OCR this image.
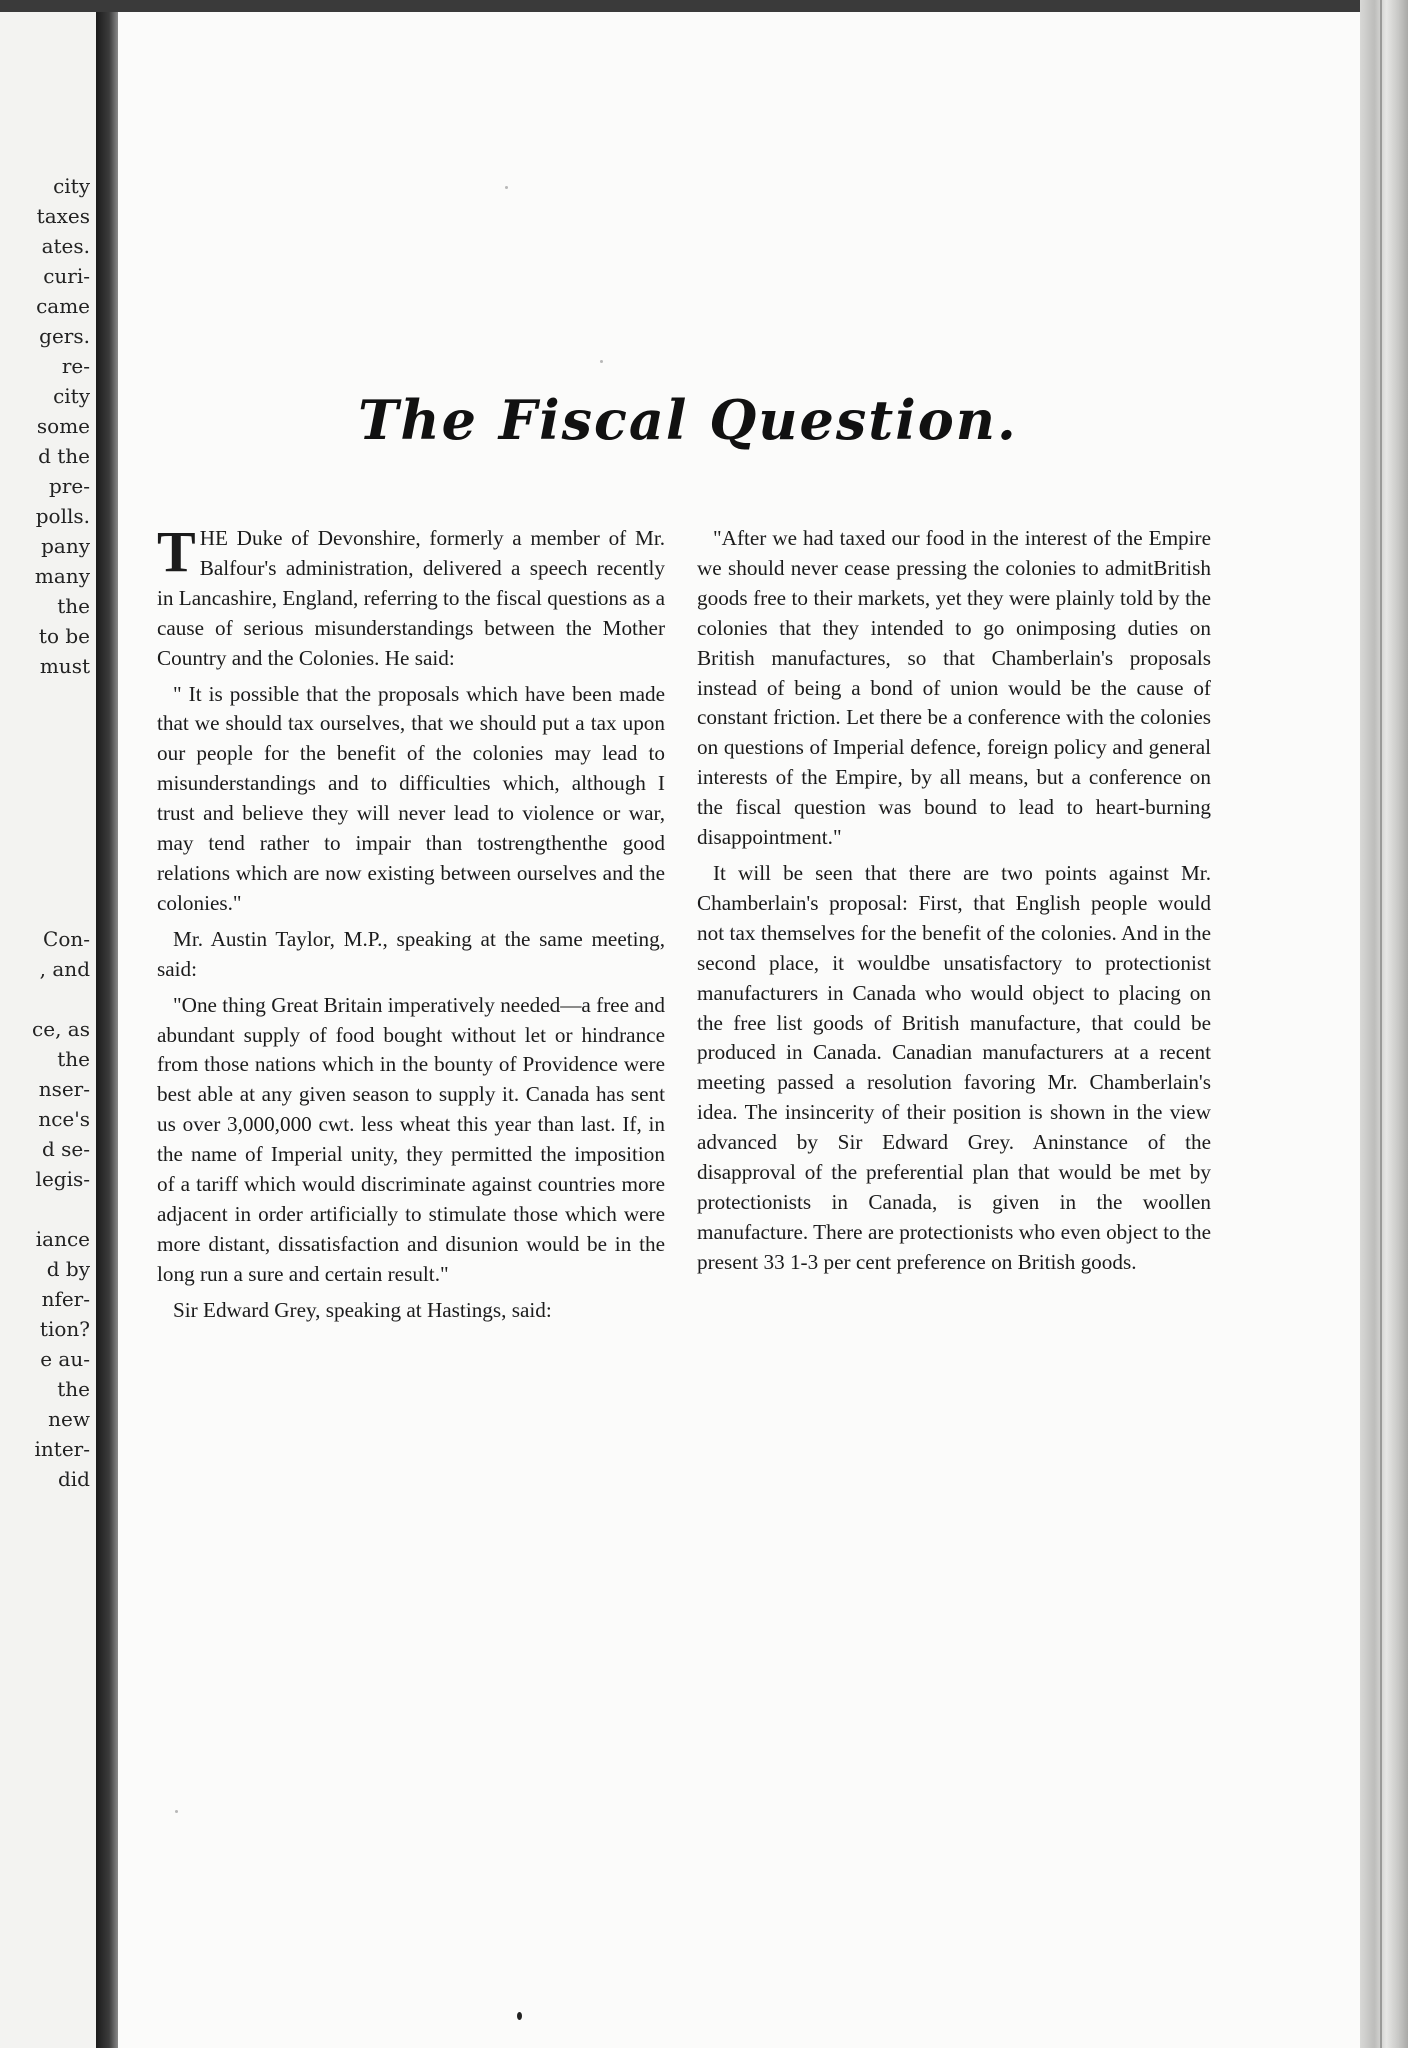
city
taxes
ates.
curi-
came
gers.
re-
city
some
d the
pre-
polls.
pany
many
the
to be
must
Con-
, and
ce, as
the
nser-
nce's
d se-
legis-
iance
d by
nfer-
tion?
e au-
the
new
inter-
did
The Fiscal Question.

THE Duke of Devonshire, formerly a member of Mr. Balfour's administration, delivered a speech recently in Lancashire, England, referring to the fiscal questions as a cause of serious misunderstandings between the Mother Country and the Colonies. He said:

" It is possible that the proposals which have been made that we should tax ourselves, that we should put a tax upon our people for the benefit of the colonies may lead to misunderstandings and to difficulties which, although I trust and believe they will never lead to violence or war, may tend rather to impair than tostrengthenthe good relations which are now existing between ourselves and the colonies."

Mr. Austin Taylor, M.P., speaking at the same meeting, said:

"One thing Great Britain imperatively needed—a free and abundant supply of food bought without let or hindrance from those nations which in the bounty of Providence were best able at any given season to supply it. Canada has sent us over 3,000,000 cwt. less wheat this year than last. If, in the name of Imperial unity, they permitted the imposition of a tariff which would discriminate against countries more adjacent in order artificially to stimulate those which were more distant, dissatisfaction and disunion would be in the long run a sure and certain result."

Sir Edward Grey, speaking at Hastings, said:

"After we had taxed our food in the interest of the Empire we should never cease pressing the colonies to admitBritish goods free to their markets, yet they were plainly told by the colonies that they intended to go onimposing duties on British manufactures, so that Chamberlain's proposals instead of being a bond of union would be the cause of constant friction. Let there be a conference with the colonies on questions of Imperial defence, foreign policy and general interests of the Empire, by all means, but a conference on the fiscal question was bound to lead to heart-burning disappointment."

It will be seen that there are two points against Mr. Chamberlain's proposal: First, that English people would not tax themselves for the benefit of the colonies. And in the second place, it wouldbe unsatisfactory to protectionist manufacturers in Canada who would object to placing on the free list goods of British manufacture, that could be produced in Canada. Canadian manufacturers at a recent meeting passed a resolution favoring Mr. Chamberlain's idea. The insincerity of their position is shown in the view advanced by Sir Edward Grey. Aninstance of the disapproval of the preferential plan that would be met by protectionists in Canada, is given in the woollen manufacture. There are protectionists who even object to the present 33 1-3 per cent preference on British goods.
